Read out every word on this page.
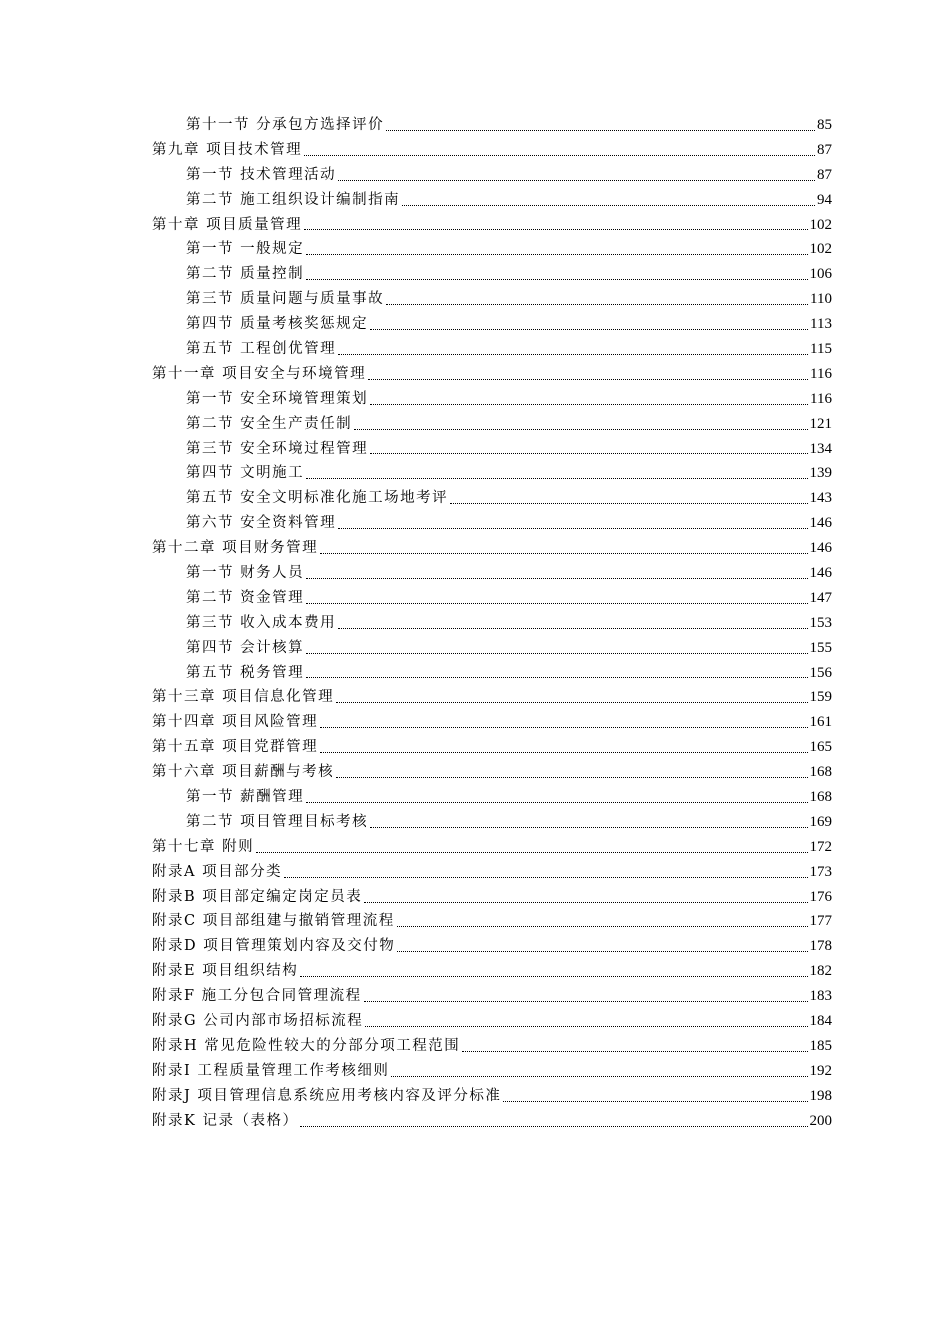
第十一节 分承包方选择评价	85
第九章 项目技术管理	87
第一节 技术管理活动	87
第二节 施工组织设计编制指南	94
第十章 项目质量管理	102
第一节 一般规定	102
第二节 质量控制	106
第三节 质量问题与质量事故	110
第四节 质量考核奖惩规定	113
第五节 工程创优管理	115
第十一章 项目安全与环境管理	116
第一节 安全环境管理策划	116
第二节 安全生产责任制	121
第三节 安全环境过程管理	134
第四节 文明施工	139
第五节 安全文明标准化施工场地考评	143
第六节 安全资料管理	146
第十二章 项目财务管理	146
第一节 财务人员	146
第二节 资金管理	147
第三节 收入成本费用	153
第四节 会计核算	155
第五节 税务管理	156
第十三章 项目信息化管理	159
第十四章 项目风险管理	161
第十五章 项目党群管理	165
第十六章 项目薪酬与考核	168
第一节 薪酬管理	168
第二节 项目管理目标考核	169
第十七章 附则	172
附录A 项目部分类	173
附录B 项目部定编定岗定员表	176
附录C 项目部组建与撤销管理流程	177
附录D 项目管理策划内容及交付物	178
附录E 项目组织结构	182
附录F 施工分包合同管理流程	183
附录G 公司内部市场招标流程	184
附录H 常见危险性较大的分部分项工程范围	185
附录I 工程质量管理工作考核细则	192
附录J 项目管理信息系统应用考核内容及评分标准	198
附录K 记录（表格）	200
